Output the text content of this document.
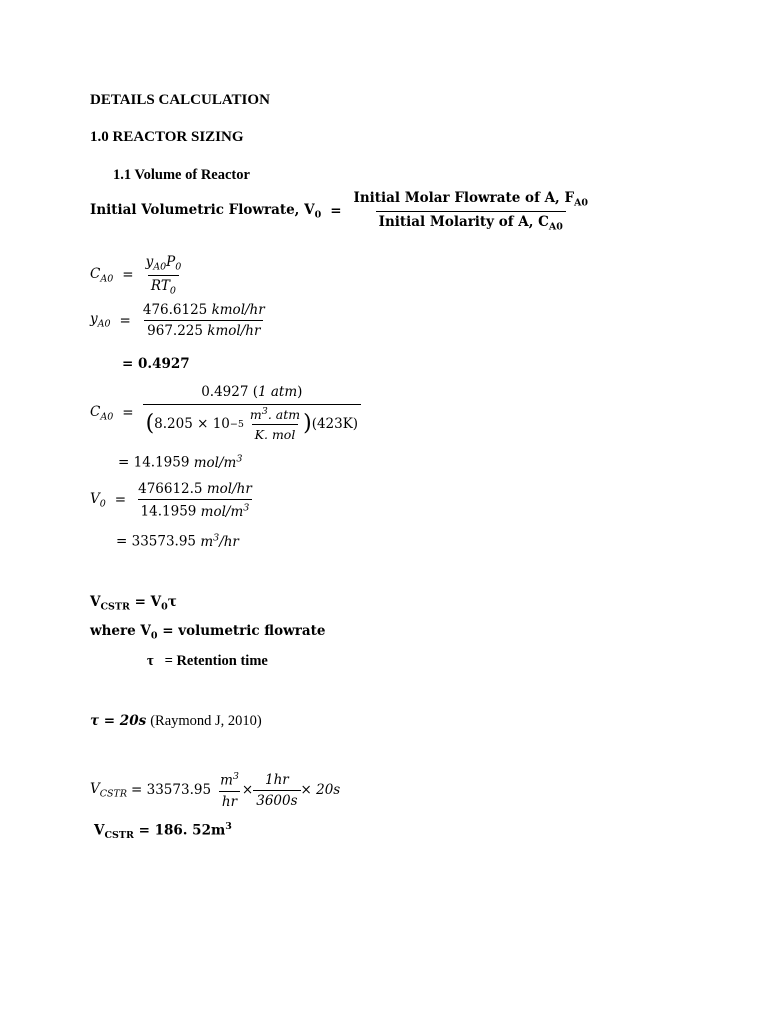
DETAILS CALCULATION
1.0 REACTOR SIZING
1.1 Volume of Reactor
Initial Volumetric Flowrate, $V_0 = \frac{Initial Molar Flowrate of A, F_{A0}}{Initial Molarity of A, C_{A0}}$
$C_{A0} = \frac{y_{A0}P_0}{RT_0}$
$y_{A0} = \frac{\text{476.6125 kmol/hr}}{\text{967.225 kmol/hr}}$
= 0.4927
$C_{A0}$ =
0.4927 (1 atm)
( $8.205 \times 10 -5 \frac{m^3. atm}{\text{K. mol}}$ ) (423K)
= 14.1959 mol/$m^3$
$V_0 = \frac{\text{476612.5 mol/hr}}{14.1959 mol/m^3}$
= 33573.95 $m^3/hr$
$V_{CSTR} = V_0\tau$
where $V_0$ = volumetric flowrate
τ = Retention time
τ = 20s (Raymond J, 2010)
$V_{CSTR} = 33573.95 \frac{m^3}{hr} \times \frac{1hr}{3600s} \times 20s$
$V_{CSTR} = 186$. $52m^3$
